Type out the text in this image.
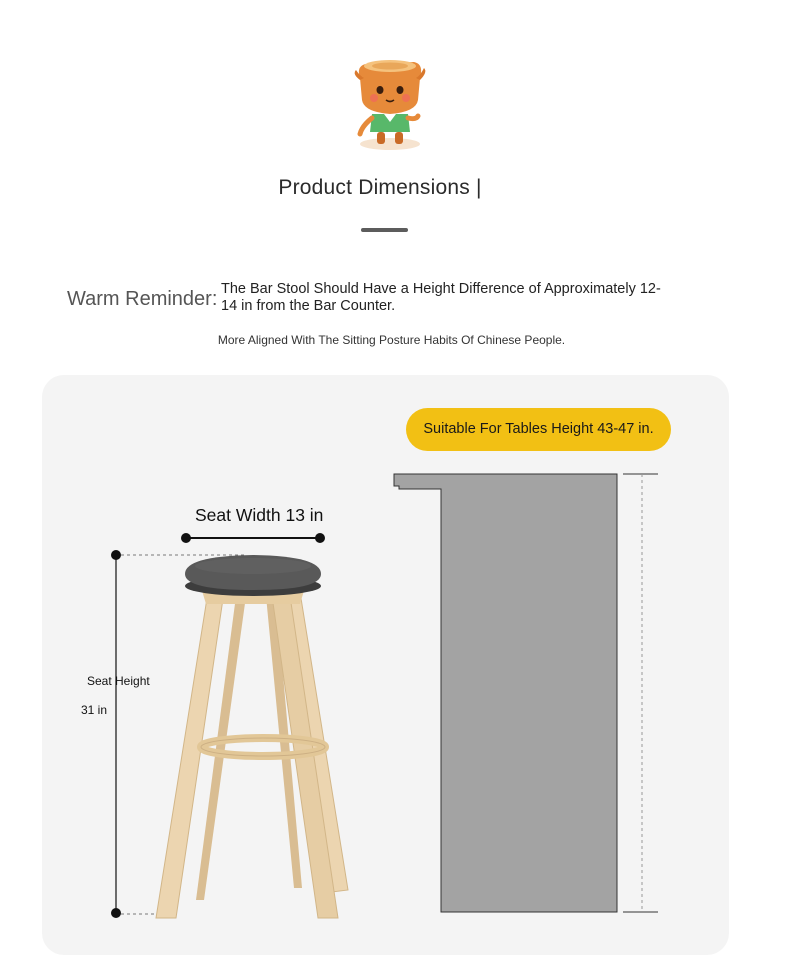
Product Dimensions |
Warm Reminder: The Bar Stool Should Have a Height Difference of Approximately 12-14 in from the Bar Counter.
More Aligned With The Sitting Posture Habits Of Chinese People.
Suitable For Tables Height 43-47 in.
Seat Width 13 in
Seat Height
31 in
